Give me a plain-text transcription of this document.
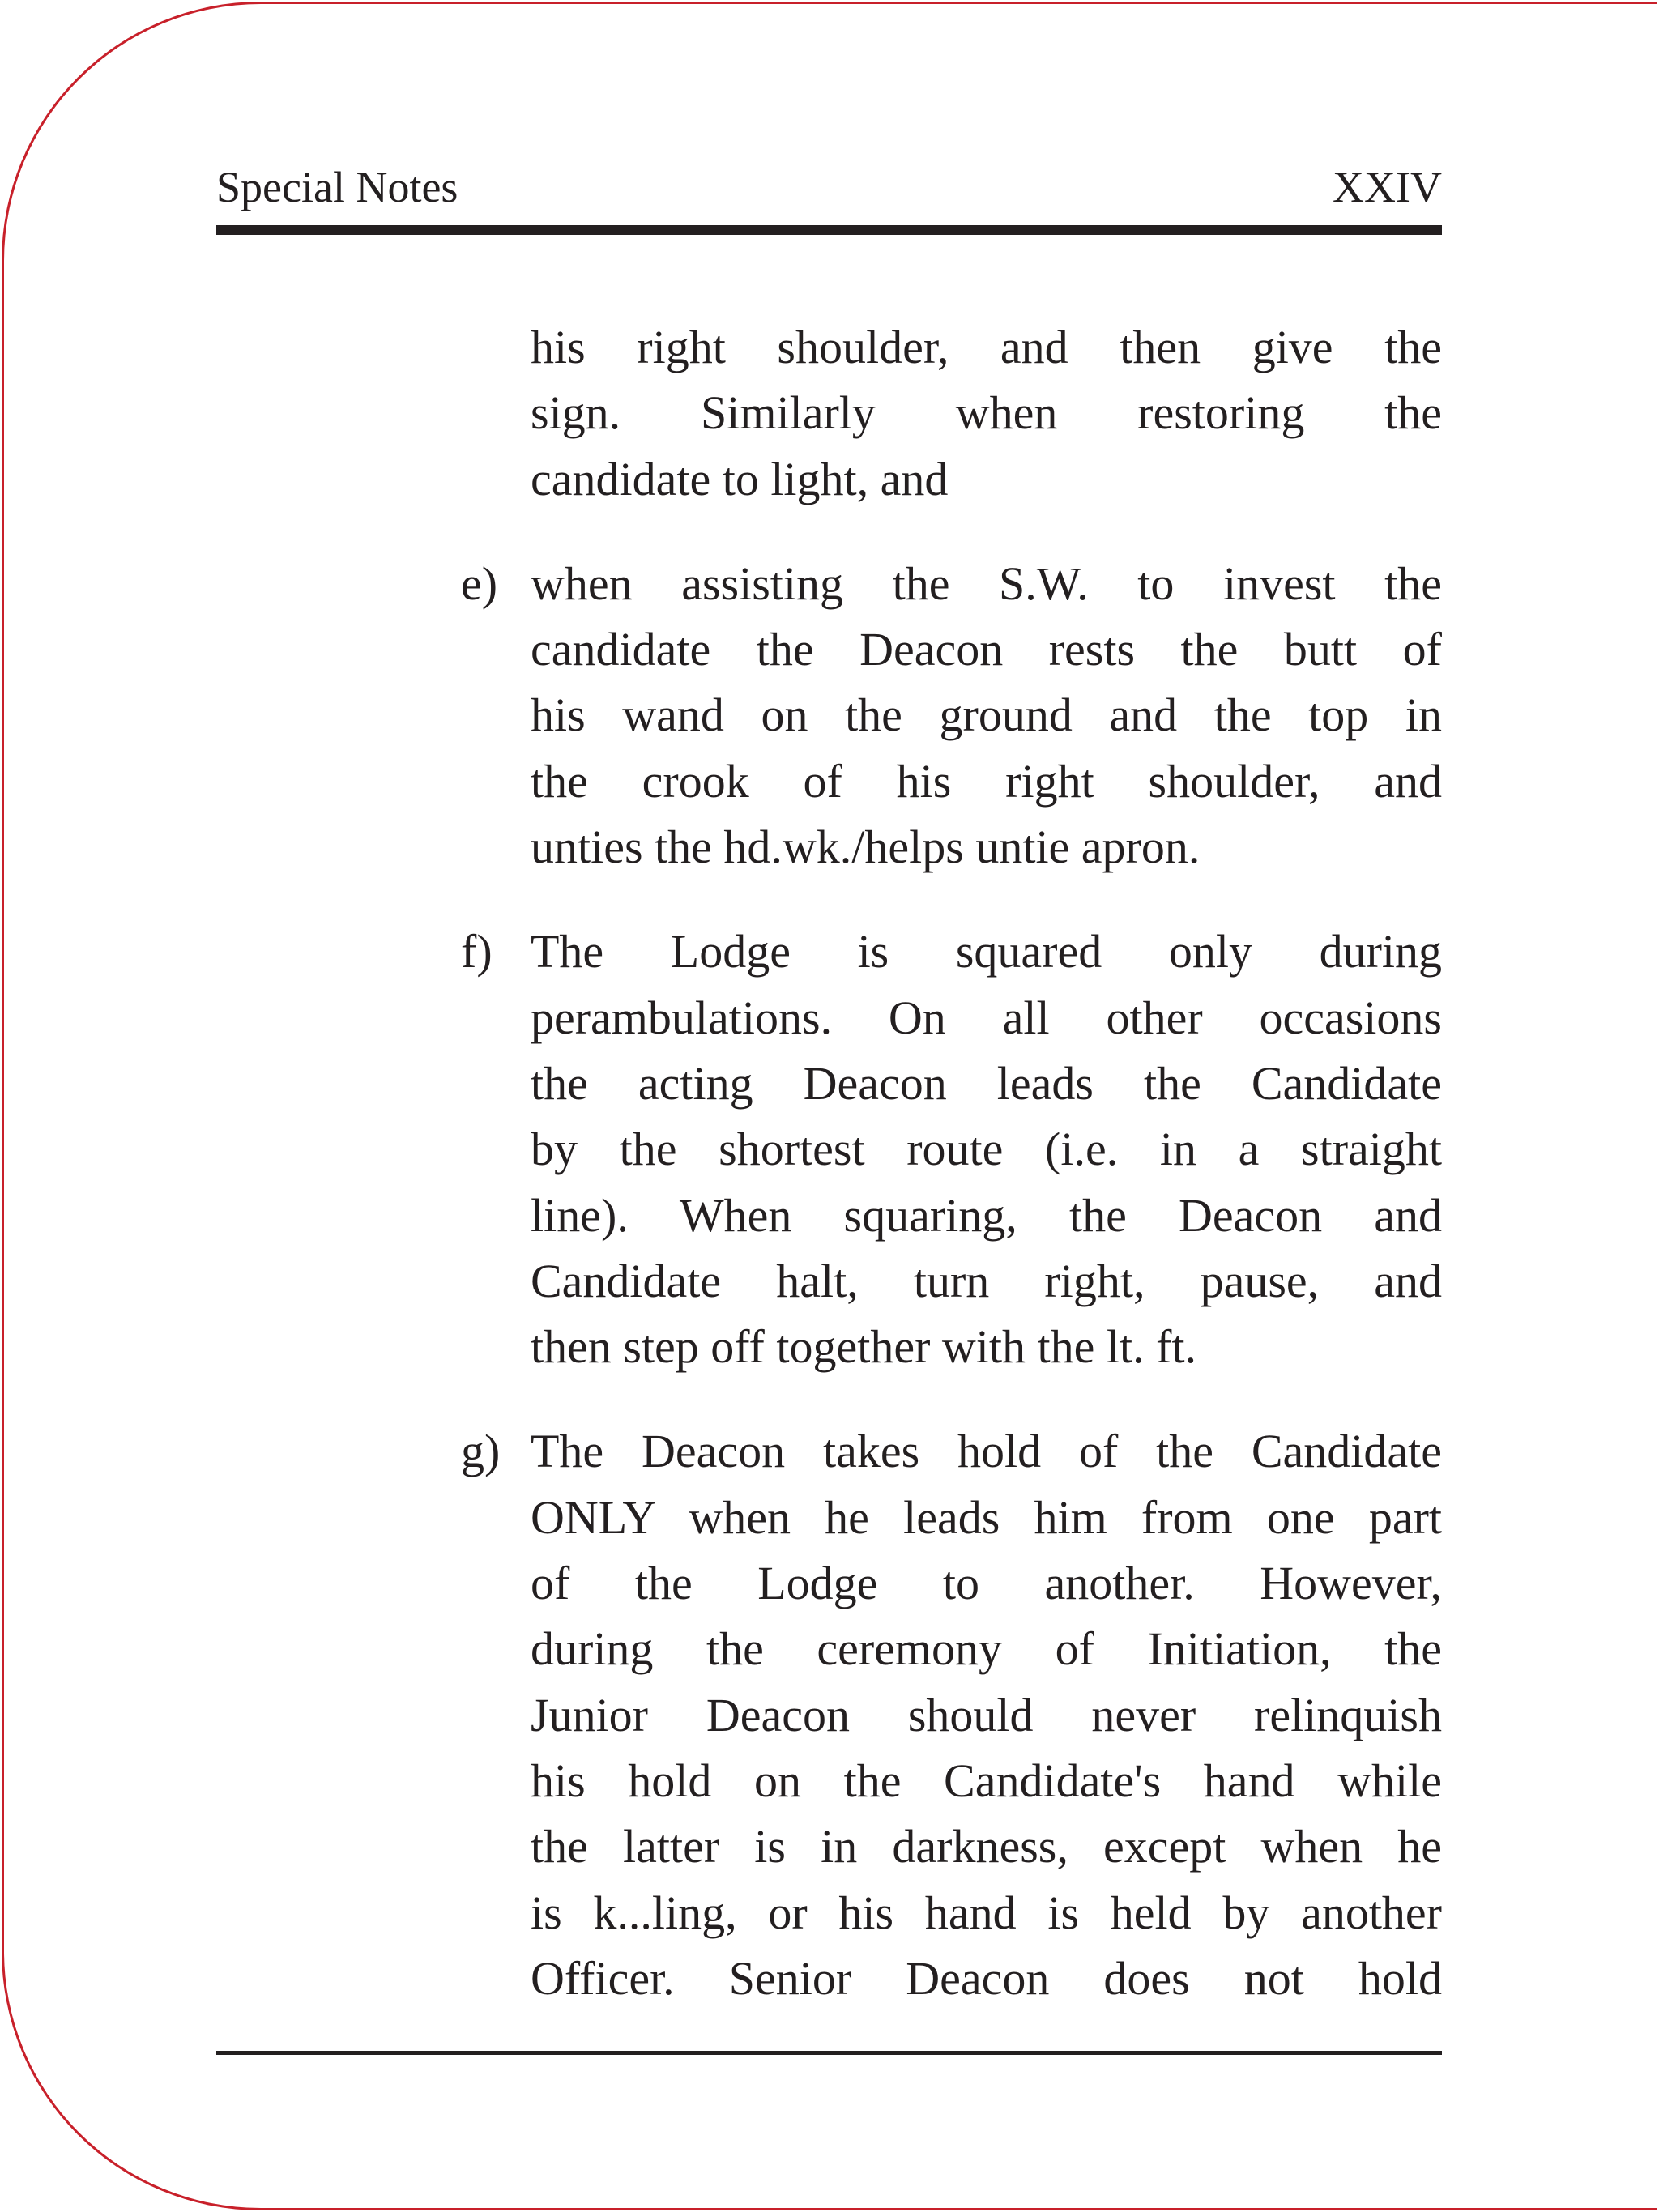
Special Notes	XXIV
his right shoulder, and then give the
sign. Similarly when restoring the
candidate to light, and
e) when assisting the S.W. to invest the
candidate the Deacon rests the butt of
his wand on the ground and the top in
the crook of his right shoulder, and
unties the hd.wk./helps untie apron.
f) The Lodge is squared only during
perambulations. On all other occasions
the acting Deacon leads the Candidate
by the shortest route (i.e. in a straight
line). When squaring, the Deacon and
Candidate halt, turn right, pause, and
then step off together with the lt. ft.
g) The Deacon takes hold of the Candidate
ONLY when he leads him from one part
of the Lodge to another. However,
during the ceremony of Initiation, the
Junior Deacon should never relinquish
his hold on the Candidate's hand while
the latter is in darkness, except when he
is k...ling, or his hand is held by another
Officer. Senior Deacon does not hold
